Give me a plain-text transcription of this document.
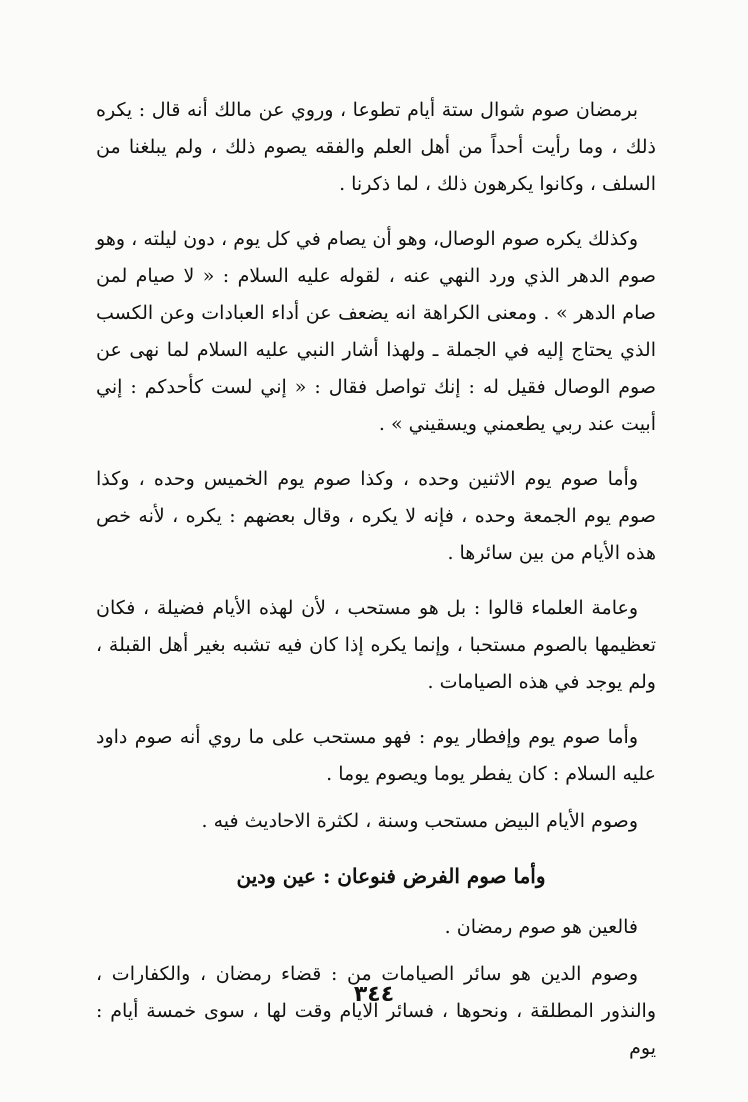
برمضان صوم شوال ستة أيام تطوعا ، وروي عن مالك أنه قال : يكره ذلك ، وما رأيت أحداً من أهل العلم والفقه يصوم ذلك ، ولم يبلغنا من السلف ، وكانوا يكرهون ذلك ، لما ذكرنا .

وكذلك يكره صوم الوصال، وهو أن يصام في كل يوم ، دون ليلته ، وهو صوم الدهر الذي ورد النهي عنه ، لقوله عليه السلام : « لا صيام لمن صام الدهر » . ومعنى الكراهة انه يضعف عن أداء العبادات وعن الكسب الذي يحتاج إليه في الجملة ـ ولهذا أشار النبي عليه السلام لما نهى عن صوم الوصال فقيل له : إنك تواصل فقال : « إني لست كأحدكم : إني أبيت عند ربي يطعمني ويسقيني » .

وأما صوم يوم الاثنين وحده ، وكذا صوم يوم الخميس وحده ، وكذا صوم يوم الجمعة وحده ، فإنه لا يكره ، وقال بعضهم : يكره ، لأنه خص هذه الأيام من بين سائرها .

وعامة العلماء قالوا : بل هو مستحب ، لأن لهذه الأيام فضيلة ، فكان تعظيمها بالصوم مستحبا ، وإنما يكره إذا كان فيه تشبه بغير أهل القبلة ، ولم يوجد في هذه الصيامات .

وأما صوم يوم وإفطار يوم : فهو مستحب على ما روي أنه صوم داود عليه السلام : كان يفطر يوما ويصوم يوما .

وصوم الأيام البيض مستحب وسنة ، لكثرة الاحاديث فيه .

وأما صوم الفرض فنوعان : عين ودين

فالعين هو صوم رمضان .

وصوم الدين هو سائر الصيامات من : قضاء رمضان ، والكفارات ، والنذور المطلقة ، ونحوها ، فسائر الايام وقت لها ، سوى خمسة أيام : يوم

٣٤٤
